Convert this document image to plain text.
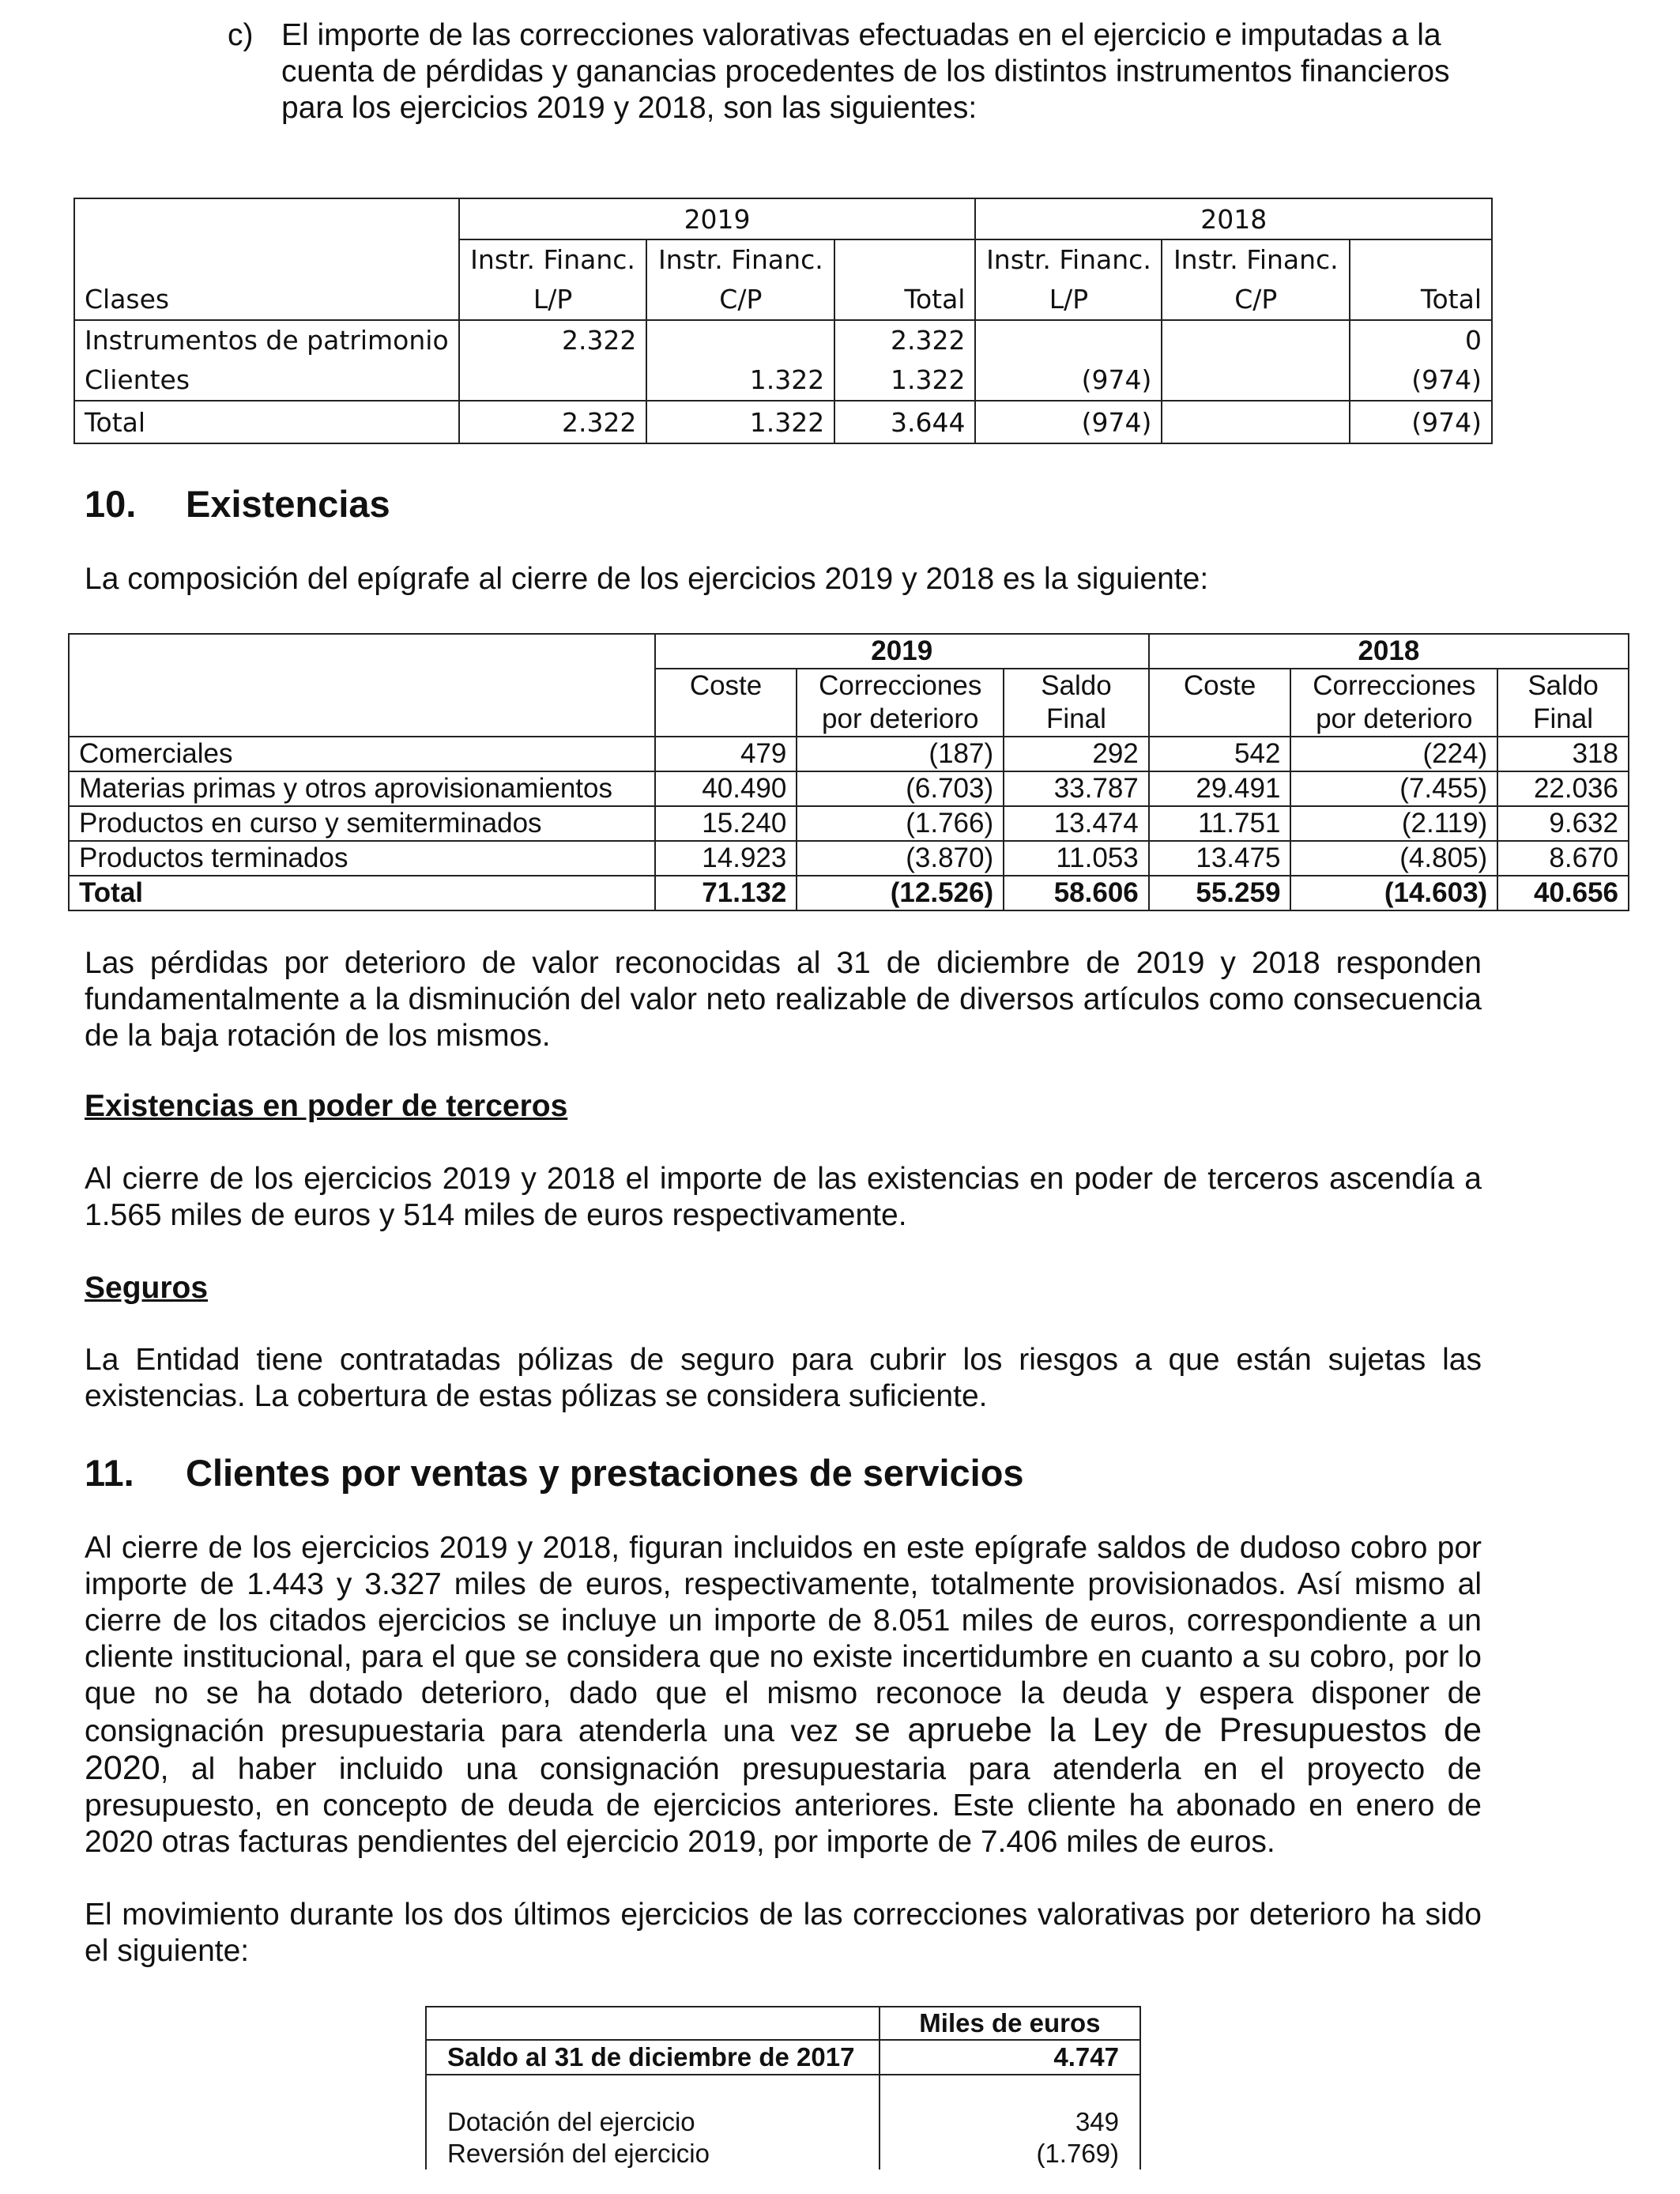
c) El importe de las correcciones valorativas efectuadas en el ejercicio e imputadas a la
cuenta de pérdidas y ganancias procedentes de los distintos instrumentos financieros
para los ejercicios 2019 y 2018, son las siguientes:
	2019			2018		
	Instr. Financ.	Instr. Financ.		Instr. Financ.	Instr. Financ.	
Clases	L/P	C/P	Total	L/P	C/P	Total
Instrumentos de patrimonio	2.322		2.322			0
Clientes		1.322	1.322	(974)		(974)
Total	2.322	1.322	3.644	(974)		(974)
10. Existencias
La composición del epígrafe al cierre de los ejercicios 2019 y 2018 es la siguiente:
	2019			2018		
	Coste	Correcciones	Saldo	Coste	Correcciones	Saldo
		por deterioro	Final		por deterioro	Final
Comerciales	479	(187)	292	542	(224)	318
Materias primas y otros aprovisionamientos	40.490	(6.703)	33.787	29.491	(7.455)	22.036
Productos en curso y semiterminados	15.240	(1.766)	13.474	11.751	(2.119)	9.632
Productos terminados	14.923	(3.870)	11.053	13.475	(4.805)	8.670
Total	71.132	(12.526)	58.606	55.259	(14.603)	40.656
Las pérdidas por deterioro de valor reconocidas al 31 de diciembre de 2019 y 2018 responden fundamentalmente a la disminución del valor neto realizable de diversos artículos como consecuencia de la baja rotación de los mismos.
Existencias en poder de terceros
Al cierre de los ejercicios 2019 y 2018 el importe de las existencias en poder de terceros ascendía a 1.565 miles de euros y 514 miles de euros respectivamente.
Seguros
La Entidad tiene contratadas pólizas de seguro para cubrir los riesgos a que están sujetas las existencias. La cobertura de estas pólizas se considera suficiente.
11. Clientes por ventas y prestaciones de servicios
Al cierre de los ejercicios 2019 y 2018, figuran incluidos en este epígrafe saldos de dudoso cobro por importe de 1.443 y 3.327 miles de euros, respectivamente, totalmente provisionados. Así mismo al cierre de los citados ejercicios se incluye un importe de 8.051 miles de euros, correspondiente a un cliente institucional, para el que se considera que no existe incertidumbre en cuanto a su cobro, por lo que no se ha dotado deterioro, dado que el mismo reconoce la deuda y espera disponer de consignación presupuestaria para atenderla una vez se apruebe la Ley de Presupuestos de 2020, al haber incluido una consignación presupuestaria para atenderla en el proyecto de presupuesto, en concepto de deuda de ejercicios anteriores. Este cliente ha abonado en enero de 2020 otras facturas pendientes del ejercicio 2019, por importe de 7.406 miles de euros.
El movimiento durante los dos últimos ejercicios de las correcciones valorativas por deterioro ha sido el siguiente:
	Miles de euros
Saldo al 31 de diciembre de 2017	4.747

Dotación del ejercicio	349
Reversión del ejercicio	(1.769)
